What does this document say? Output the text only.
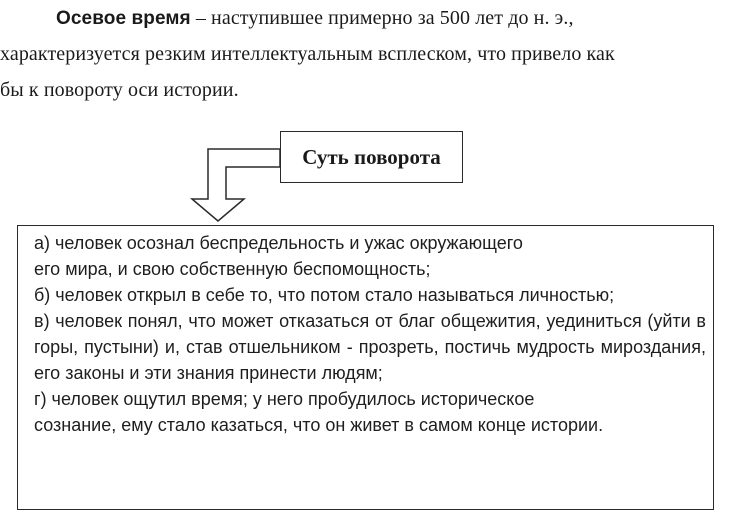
Осевое время – наступившее примерно за 500 лет до н. э.,
характеризуется резким интеллектуальным всплеском, что привело как
бы к повороту оси истории.
Суть поворота
а) человек осознал беспредельность и ужас окружающего
его мира, и свою собственную беспомощность;
б) человек открыл в себе то, что потом стало называться личностью;
в) человек понял, что может отказаться от благ общежития, уединиться (уйти в горы, пустыни) и, став отшельником - прозреть, постичь мудрость мироздания, его законы и эти знания принести людям;
г) человек ощутил время; у него пробудилось историческое
сознание, ему стало казаться, что он живет в самом конце истории.
